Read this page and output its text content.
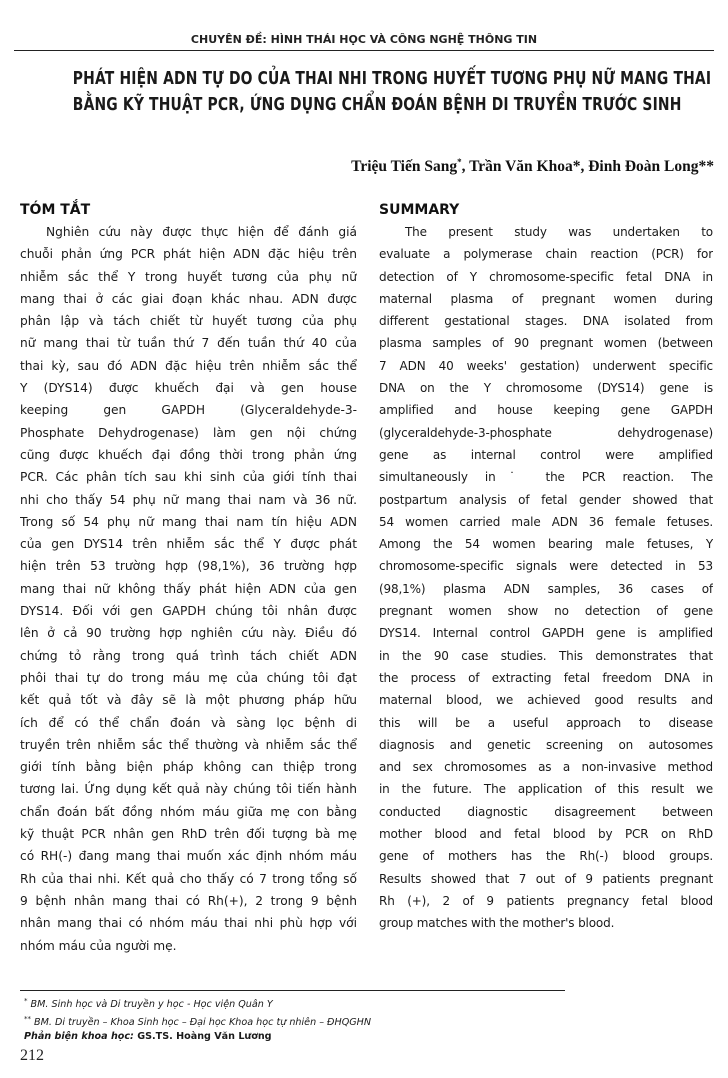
CHUYÊN ĐỀ: HÌNH THÁI HỌC VÀ CÔNG NGHỆ THÔNG TIN
PHÁT HIỆN ADN TỰ DO CỦA THAI NHI TRONG HUYẾT TƯƠNG PHỤ NỮ MANG THAI
BẰNG KỸ THUẬT PCR, ỨNG DỤNG CHẨN ĐOÁN BỆNH DI TRUYỀN TRƯỚC SINH
Triệu Tiến Sang*, Trần Văn Khoa*, Đinh Đoàn Long**
TÓM TẮT
Nghiên cứu này được thực hiện để đánh giá
chuỗi phản ứng PCR phát hiện ADN đặc hiệu trên
nhiễm sắc thể Y trong huyết tương của phụ nữ
mang thai ở các giai đoạn khác nhau. ADN được
phân lập và tách chiết từ huyết tương của phụ
nữ mang thai từ tuần thứ 7 đến tuần thứ 40 của
thai kỳ, sau đó ADN đặc hiệu trên nhiễm sắc thể
Y (DYS14) được khuếch đại và gen house
keeping gen GAPDH (Glyceraldehyde-3-
Phosphate Dehydrogenase) làm gen nội chứng
cũng được khuếch đại đồng thời trong phản ứng
PCR. Các phân tích sau khi sinh của giới tính thai
nhi cho thấy 54 phụ nữ mang thai nam và 36 nữ.
Trong số 54 phụ nữ mang thai nam tín hiệu ADN
của gen DYS14 trên nhiễm sắc thể Y được phát
hiện trên 53 trường hợp (98,1%), 36 trường hợp
mang thai nữ không thấy phát hiện ADN của gen
DYS14. Đối với gen GAPDH chúng tôi nhân được
lên ở cả 90 trường hợp nghiên cứu này. Điều đó
chứng tỏ rằng trong quá trình tách chiết ADN
phôi thai tự do trong máu mẹ của chúng tôi đạt
kết quả tốt và đây sẽ là một phương pháp hữu
ích để có thể chẩn đoán và sàng lọc bệnh di
truyền trên nhiễm sắc thể thường và nhiễm sắc thể
giới tính bằng biện pháp không can thiệp trong
tương lai. Ứng dụng kết quả này chúng tôi tiến hành
chẩn đoán bất đồng nhóm máu giữa mẹ con bằng
kỹ thuật PCR nhân gen RhD trên đối tượng bà mẹ
có RH(-) đang mang thai muốn xác định nhóm máu
Rh của thai nhi. Kết quả cho thấy có 7 trong tổng số
9 bệnh nhân mang thai có Rh(+), 2 trong 9 bệnh
nhân mang thai có nhóm máu thai nhi phù hợp với
nhóm máu của người mẹ.
SUMMARY
The present study was undertaken to
evaluate a polymerase chain reaction (PCR) for
detection of Y chromosome-specific fetal DNA in
maternal plasma of pregnant women during
different gestational stages. DNA isolated from
plasma samples of 90 pregnant women (between
7 ADN 40 weeks' gestation) underwent specific
DNA on the Y chromosome (DYS14) gene is
amplified and house keeping gene GAPDH
(glyceraldehyde-3-phosphate dehydrogenase)
gene as internal control were amplified
simultaneously in˙ the PCR reaction. The
postpartum analysis of fetal gender showed that
54 women carried male ADN 36 female fetuses.
Among the 54 women bearing male fetuses, Y
chromosome-specific signals were detected in 53
(98,1%) plasma ADN samples, 36 cases of
pregnant women show no detection of gene
DYS14. Internal control GAPDH gene is amplified
in the 90 case studies. This demonstrates that
the process of extracting fetal freedom DNA in
maternal blood, we achieved good results and
this will be a useful approach to disease
diagnosis and genetic screening on autosomes
and sex chromosomes as a non-invasive method
in the future. The application of this result we
conducted diagnostic disagreement between
mother blood and fetal blood by PCR on RhD
gene of mothers has the Rh(-) blood groups.
Results showed that 7 out of 9 patients pregnant
Rh (+), 2 of 9 patients pregnancy fetal blood
group matches with the mother's blood.
* BM. Sinh học và Di truyền y học - Học viện Quân Y
** BM. Di truyền – Khoa Sinh học – Đại học Khoa học tự nhiên – ĐHQGHN
Phản biện khoa học: GS.TS. Hoàng Văn Lương
212
